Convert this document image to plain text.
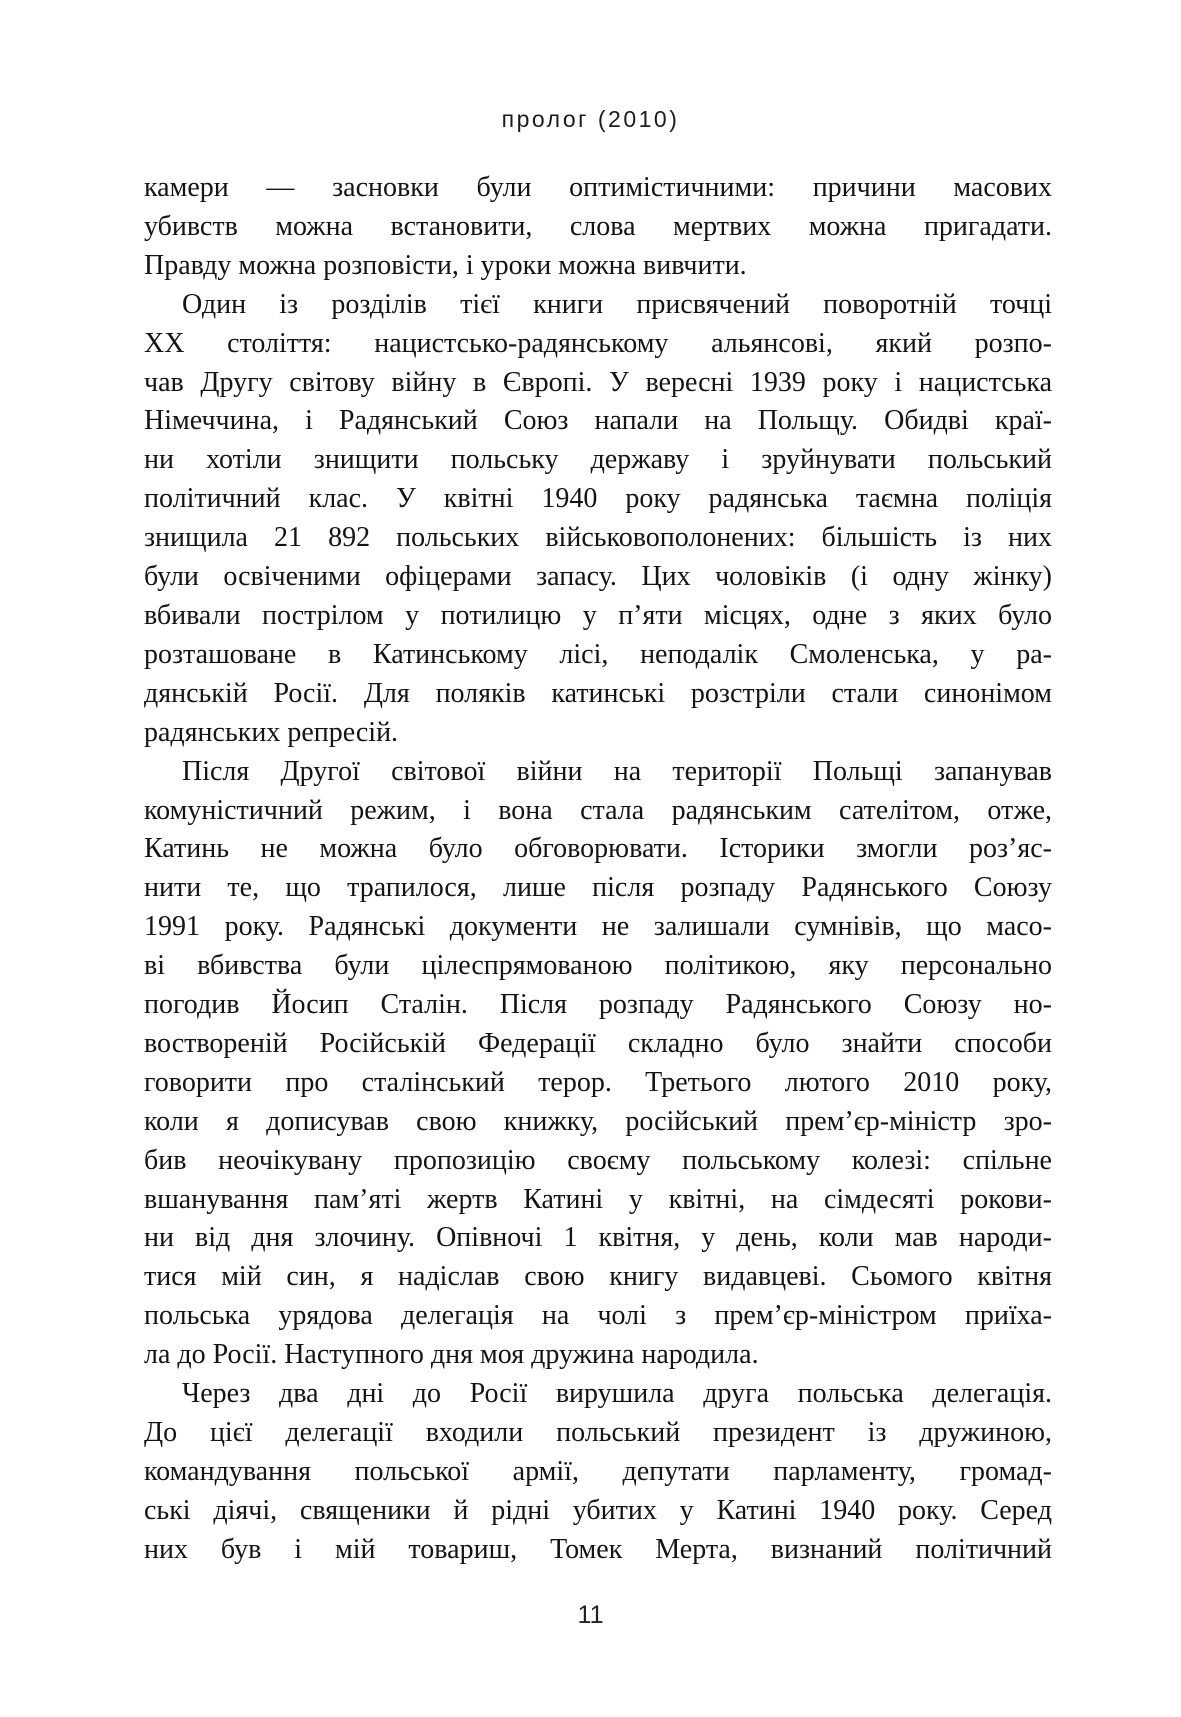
пролог (2010)
камери — засновки були оптимістичними: причини масових
убивств можна встановити, слова мертвих можна пригадати.
Правду можна розповісти, і уроки можна вивчити.
Один із розділів тієї книги присвячений поворотній точці
XX століття: нацистсько-радянському альянсові, який розпо-
чав Другу світову війну в Європі. У вересні 1939 року і нацистська
Німеччина, і Радянський Союз напали на Польщу. Обидві краї-
ни хотіли знищити польську державу і зруйнувати польський
політичний клас. У квітні 1940 року радянська таємна поліція
знищила 21 892 польських військовополонених: більшість із них
були освіченими офіцерами запасу. Цих чоловіків (і одну жінку)
вбивали пострілом у потилицю у п’яти місцях, одне з яких було
розташоване в Катинському лісі, неподалік Смоленська, у ра-
дянській Росії. Для поляків катинські розстріли стали синонімом
радянських репресій.
Після Другої світової війни на території Польщі запанував
комуністичний режим, і вона стала радянським сателітом, отже,
Катинь не можна було обговорювати. Історики змогли роз’яс-
нити те, що трапилося, лише після розпаду Радянського Союзу
1991 року. Радянські документи не залишали сумнівів, що масо-
ві вбивства були цілеспрямованою політикою, яку персонально
погодив Йосип Сталін. Після розпаду Радянського Союзу но-
воствореній Російській Федерації складно було знайти способи
говорити про сталінський терор. Третього лютого 2010 року,
коли я дописував свою книжку, російський прем’єр-міністр зро-
бив неочікувану пропозицію своєму польському колезі: спільне
вшанування пам’яті жертв Катині у квітні, на сімдесяті рокови-
ни від дня злочину. Опівночі 1 квітня, у день, коли мав народи-
тися мій син, я надіслав свою книгу видавцеві. Сьомого квітня
польська урядова делегація на чолі з прем’єр-міністром приїха-
ла до Росії. Наступного дня моя дружина народила.
Через два дні до Росії вирушила друга польська делегація.
До цієї делегації входили польський президент із дружиною,
командування польської армії, депутати парламенту, громад-
ські діячі, священики й рідні убитих у Катині 1940 року. Серед
них був і мій товариш, Томек Мерта, визнаний політичний
11
